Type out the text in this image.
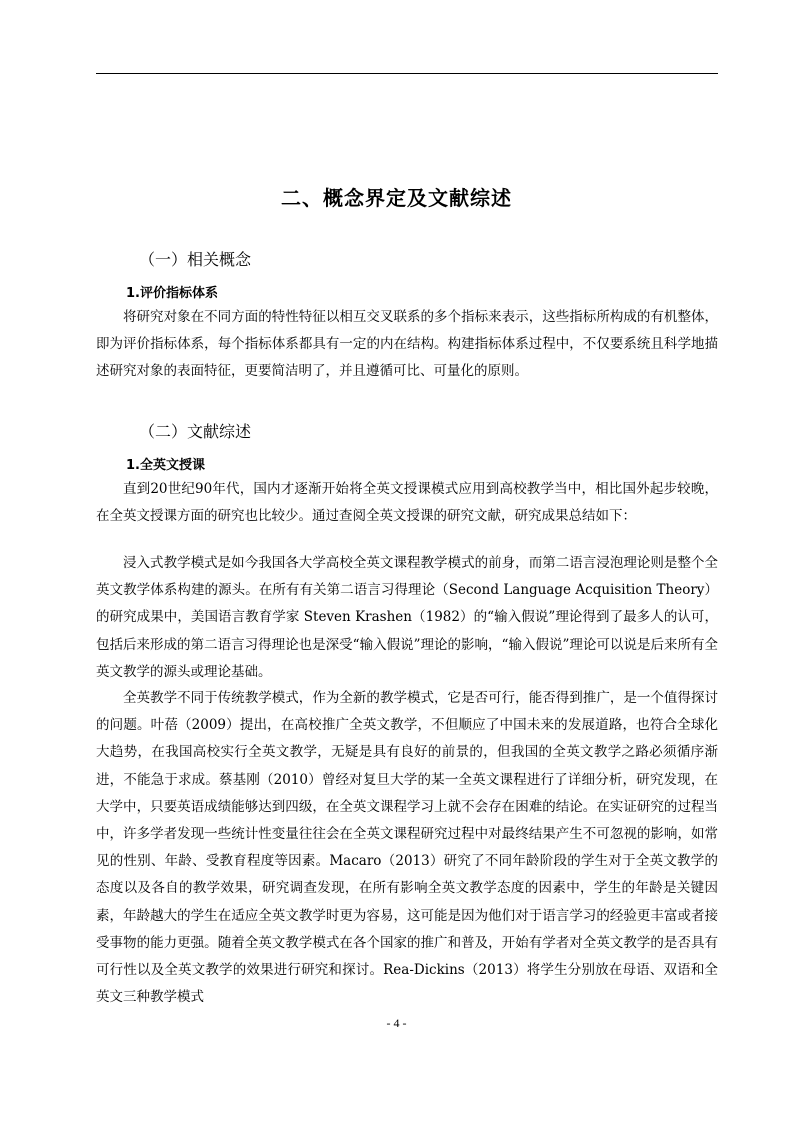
二、概念界定及文献综述
（一）相关概念
1.评价指标体系

将研究对象在不同方面的特性特征以相互交叉联系的多个指标来表示，这些指标所构成的有机整体，即为评价指标体系，每个指标体系都具有一定的内在结构。构建指标体系过程中，不仅要系统且科学地描述研究对象的表面特征，更要简洁明了，并且遵循可比、可量化的原则。

（二）文献综述
1.全英文授课

直到20世纪90年代，国内才逐渐开始将全英文授课模式应用到高校教学当中，相比国外起步较晚，在全英文授课方面的研究也比较少。通过查阅全英文授课的研究文献，研究成果总结如下：

浸入式教学模式是如今我国各大学高校全英文课程教学模式的前身，而第二语言浸泡理论则是整个全英文教学体系构建的源头。在所有有关第二语言习得理论（Second Language Acquisition Theory）的研究成果中，美国语言教育学家 Steven Krashen（1982）的“输入假说”理论得到了最多人的认可，包括后来形成的第二语言习得理论也是深受“输入假说”理论的影响，“输入假说”理论可以说是后来所有全英文教学的源头或理论基础。

全英教学不同于传统教学模式，作为全新的教学模式，它是否可行，能否得到推广，是一个值得探讨的问题。叶蓓（2009）提出，在高校推广全英文教学，不但顺应了中国未来的发展道路，也符合全球化大趋势，在我国高校实行全英文教学，无疑是具有良好的前景的，但我国的全英文教学之路必须循序渐进，不能急于求成。蔡基刚（2010）曾经对复旦大学的某一全英文课程进行了详细分析，研究发现，在大学中，只要英语成绩能够达到四级，在全英文课程学习上就不会存在困难的结论。在实证研究的过程当中，许多学者发现一些统计性变量往往会在全英文课程研究过程中对最终结果产生不可忽视的影响，如常见的性别、年龄、受教育程度等因素。Macaro（2013）研究了不同年龄阶段的学生对于全英文教学的态度以及各自的教学效果，研究调查发现，在所有影响全英文教学态度的因素中，学生的年龄是关键因素，年龄越大的学生在适应全英文教学时更为容易，这可能是因为他们对于语言学习的经验更丰富或者接受事物的能力更强。随着全英文教学模式在各个国家的推广和普及，开始有学者对全英文教学的是否具有可行性以及全英文教学的效果进行研究和探讨。Rea-Dickins（2013）将学生分别放在母语、双语和全英文三种教学模式

- 4 -
